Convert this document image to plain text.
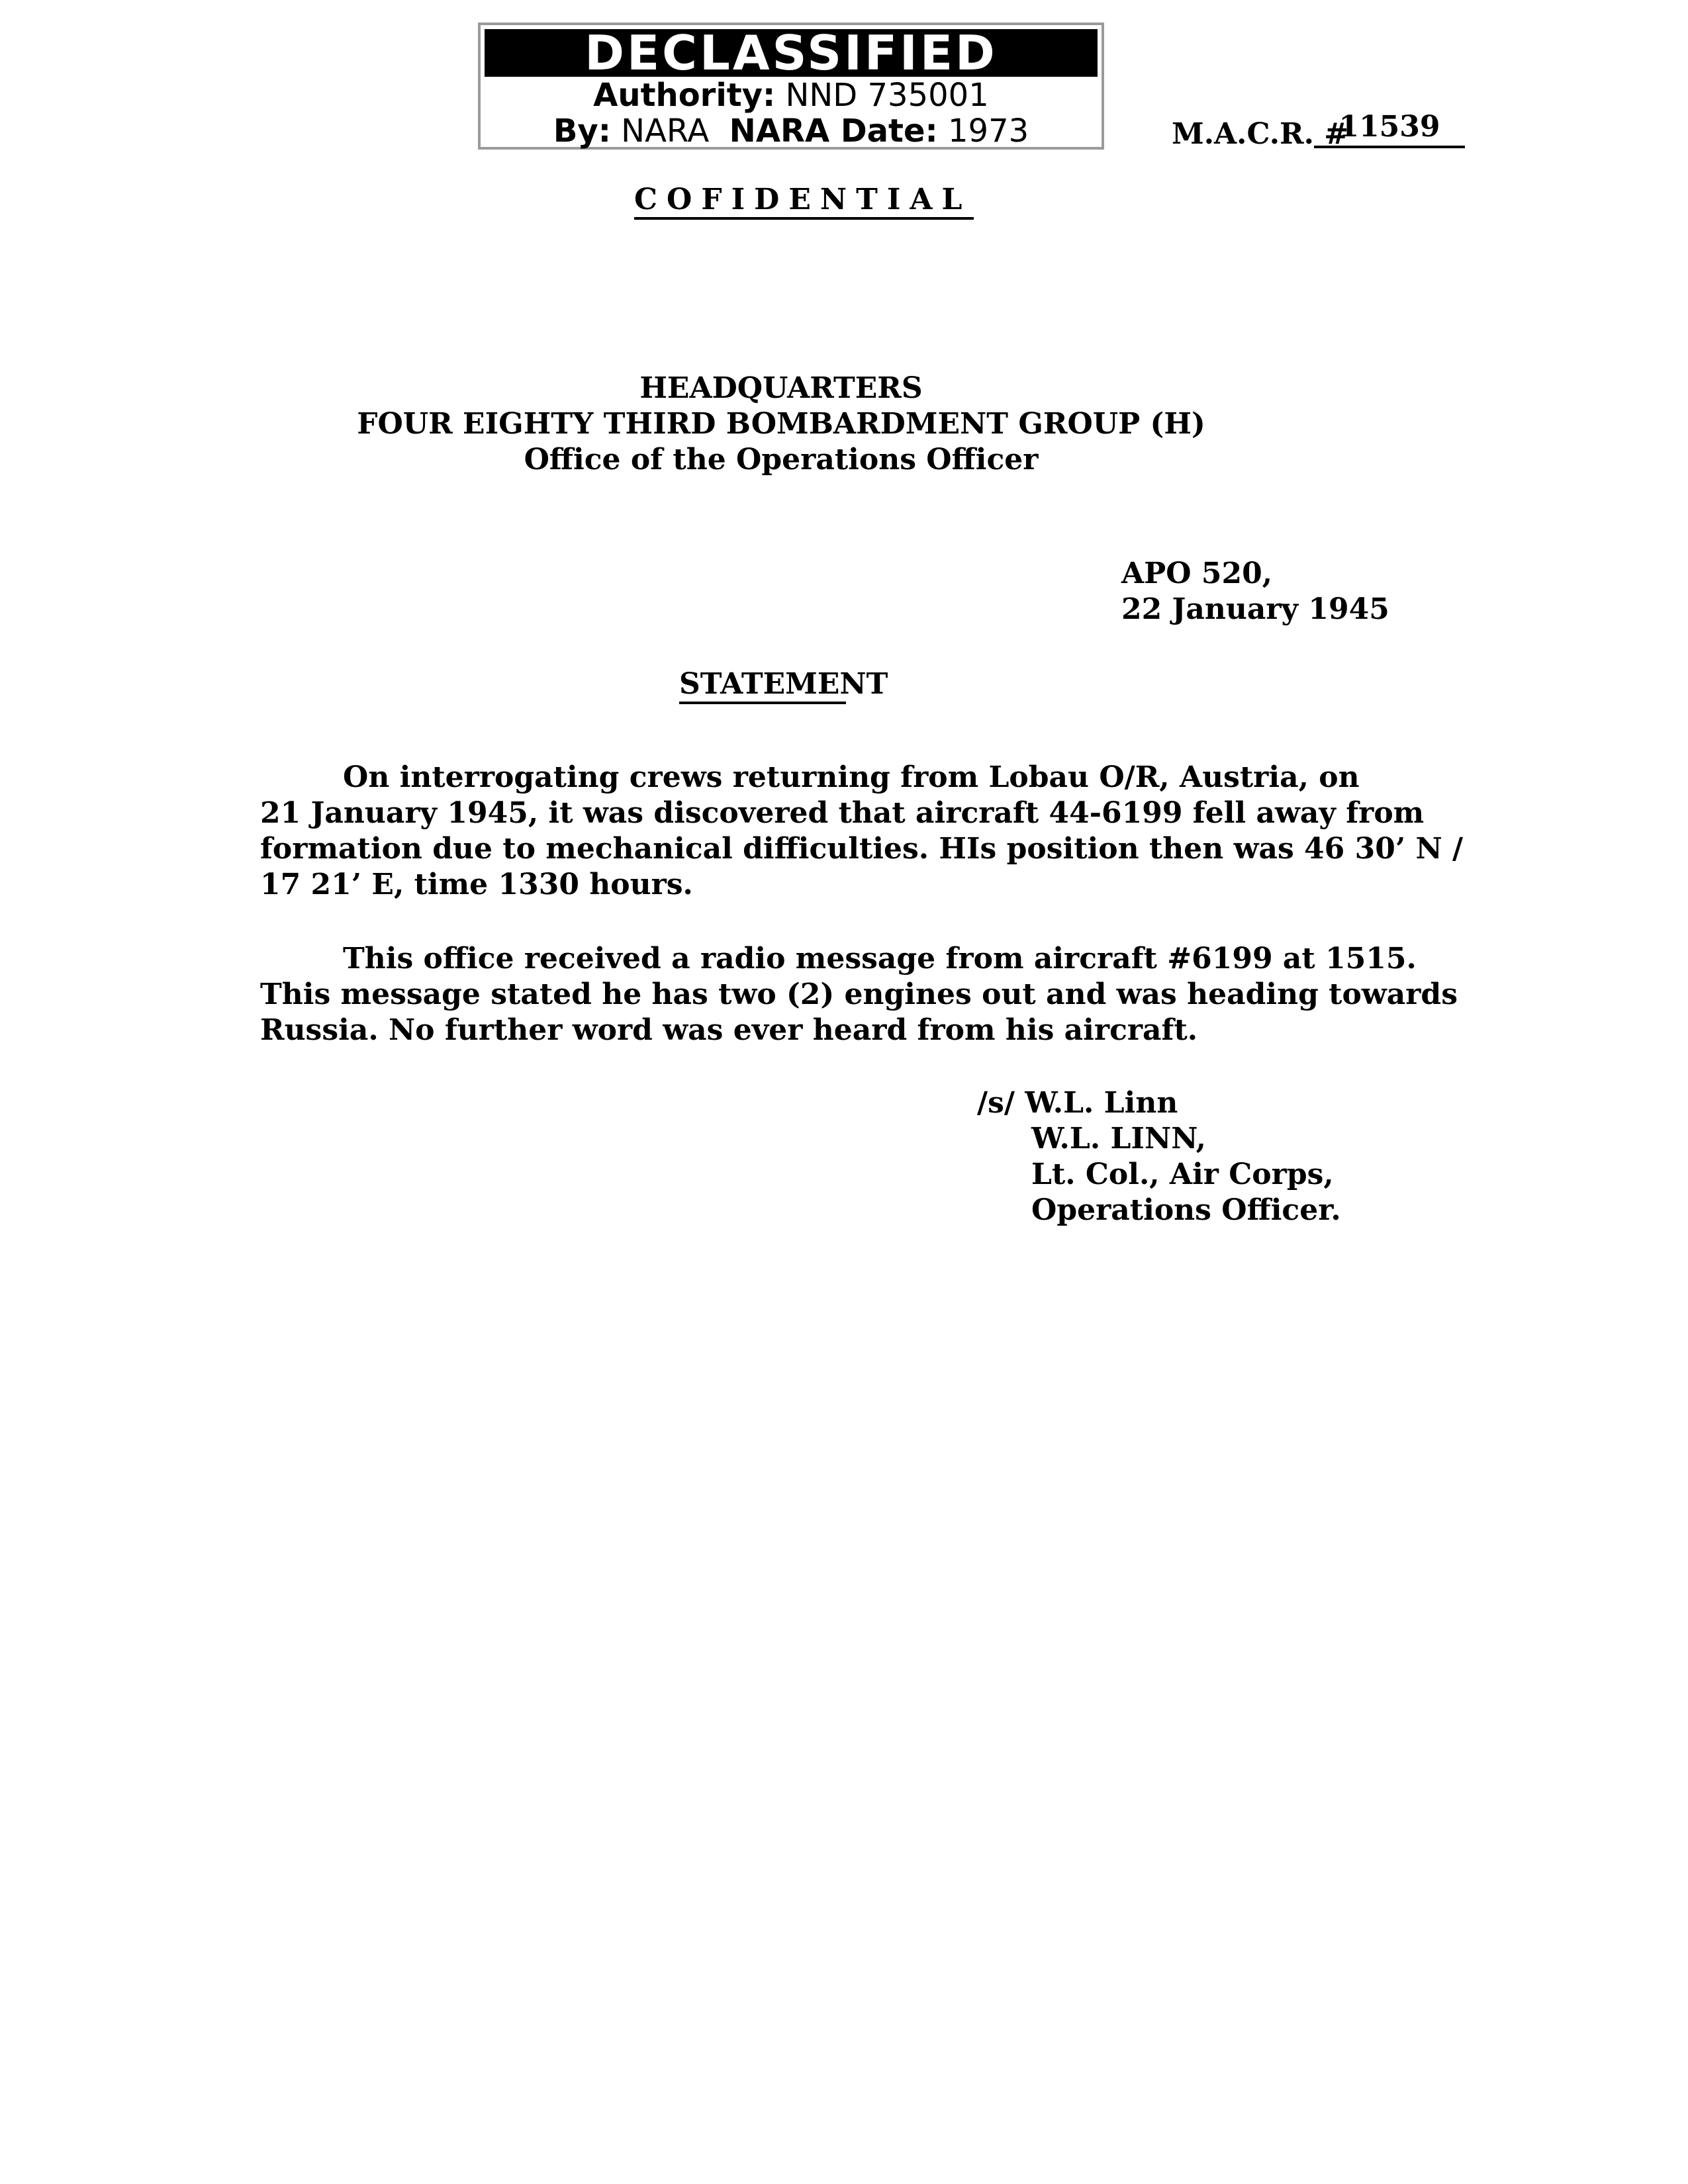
DECLASSIFIED
Authority: NND 735001
By: NARA NARA Date: 1973	M.A.C.R. #
11539
COFIDENTIAL
HEADQUARTERS
FOUR EIGHTY THIRD BOMBARDMENT GROUP (H)
Office of the Operations Officer
APO 520,
22 January 1945
STATEMENT
On interrogating crews returning from Lobau O/R, Austria, on
21 January 1945, it was discovered that aircraft 44-6199 fell away from
formation due to mechanical difficulties. HIs position then was 46 30’ N /
17 21’ E, time 1330 hours.
This office received a radio message from aircraft #6199 at 1515.
This message stated he has two (2) engines out and was heading towards
Russia. No further word was ever heard from his aircraft.
/s/ W.L. Linn
W.L. LINN,
Lt. Col., Air Corps,
Operations Officer.
